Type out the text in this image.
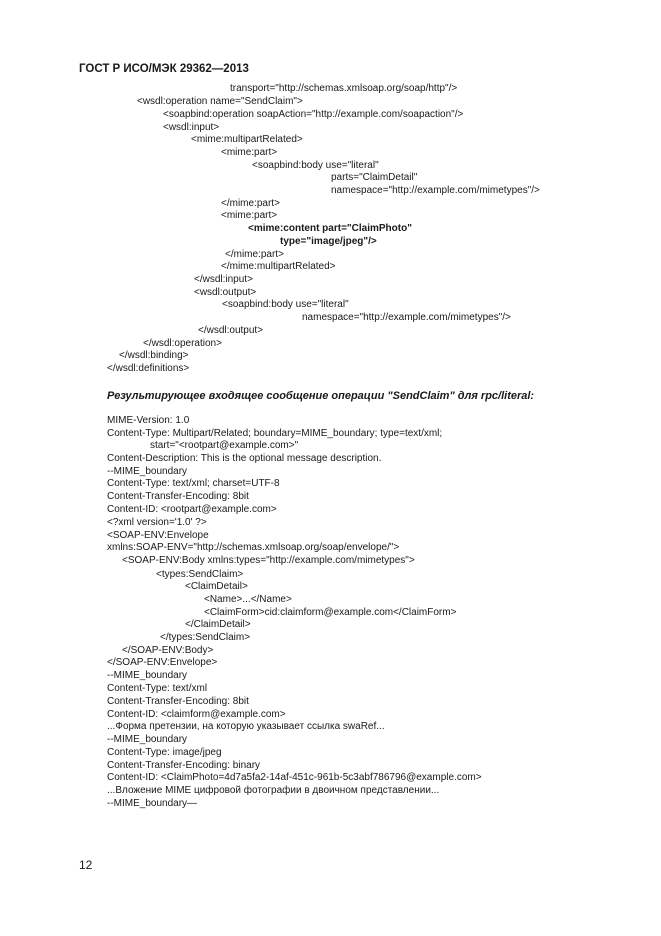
ГОСТ Р ИСО/МЭК 29362—2013
transport="http://schemas.xmlsoap.org/soap/http"/>
<wsdl:operation name="SendClaim">
<soapbind:operation soapAction="http://example.com/soapaction"/>
<wsdl:input>
<mime:multipartRelated>
<mime:part>
<soapbind:body use="literal"
parts="ClaimDetail"
namespace="http://example.com/mimetypes"/>
</mime:part>
<mime:part>
<mime:content part="ClaimPhoto"
type="image/jpeg"/>
</mime:part>
</mime:multipartRelated>
</wsdl:input>
<wsdl:output>
<soapbind:body use="literal"
namespace="http://example.com/mimetypes"/>
</wsdl:output>
</wsdl:operation>
</wsdl:binding>
</wsdl:definitions>
Результирующее входящее сообщение операции "SendClaim" для rpc/literal:
MIME-Version: 1.0
Content-Type: Multipart/Related; boundary=MIME_boundary; type=text/xml;
start="<rootpart@example.com>"
Content-Description: This is the optional message description.
--MIME_boundary
Content-Type: text/xml; charset=UTF-8
Content-Transfer-Encoding: 8bit
Content-ID: <rootpart@example.com>
<?xml version='1.0' ?>
<SOAP-ENV:Envelope
xmlns:SOAP-ENV="http://schemas.xmlsoap.org/soap/envelope/">
<SOAP-ENV:Body xmlns:types="http://example.com/mimetypes">
<types:SendClaim>
<ClaimDetail>
<Name>...</Name>
<ClaimForm>cid:claimform@example.com</ClaimForm>
</ClaimDetail>
</types:SendClaim>
</SOAP-ENV:Body>
</SOAP-ENV:Envelope>
--MIME_boundary
Content-Type: text/xml
Content-Transfer-Encoding: 8bit
Content-ID: <claimform@example.com>
...Форма претензии, на которую указывает ссылка swaRef...
--MIME_boundary
Content-Type: image/jpeg
Content-Transfer-Encoding: binary
Content-ID: <ClaimPhoto=4d7a5fa2-14af-451c-961b-5c3abf786796@example.com>
...Вложение MIME цифровой фотографии в двоичном представлении...
--MIME_boundary—
12
